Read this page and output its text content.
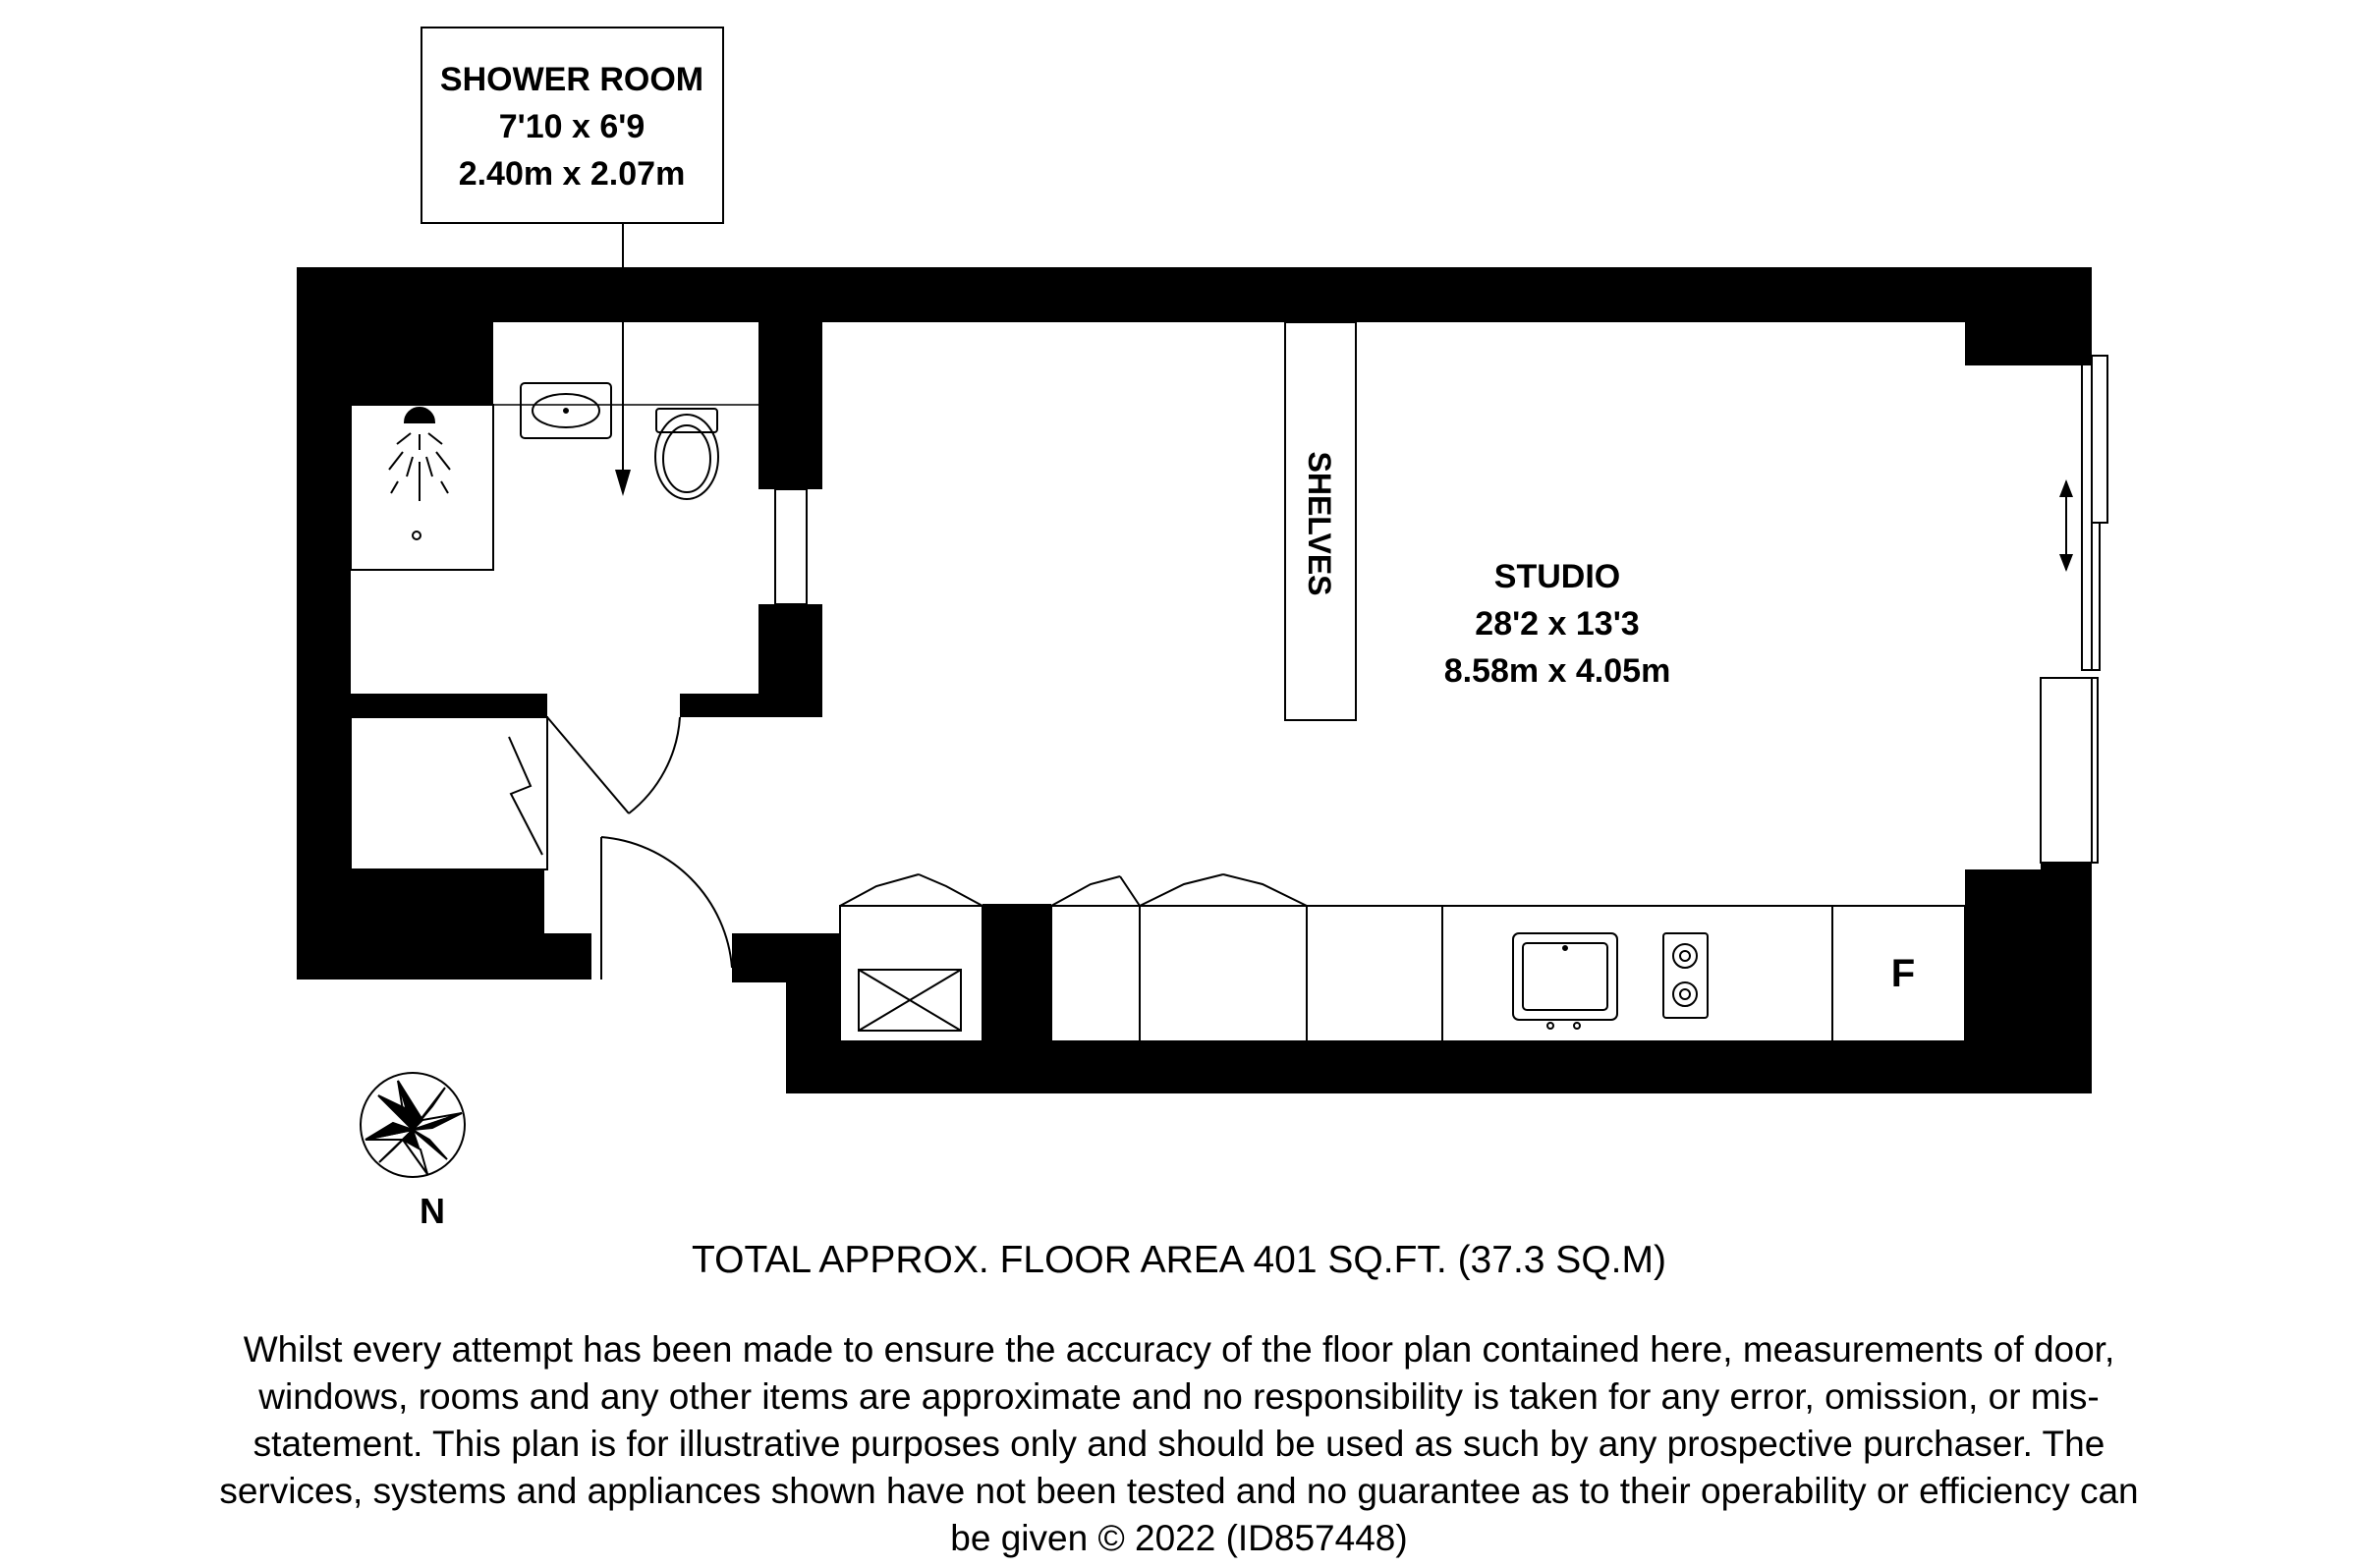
SHOWER ROOM
7'10 x 6'9
2.40m x 2.07m
SHELVES	STUDIO
28'2 x 13'3
8.58m x 4.05m
F
N
TOTAL APPROX. FLOOR AREA 401 SQ.FT. (37.3 SQ.M)

Whilst every attempt has been made to ensure the accuracy of the floor plan contained here, measurements of door, windows, rooms and any other items are approximate and no responsibility is taken for any error, omission, or mis-statement. This plan is for illustrative purposes only and should be used as such by any prospective purchaser. The services, systems and appliances shown have not been tested and no guarantee as to their operability or efficiency can be given © 2022 (ID857448)
